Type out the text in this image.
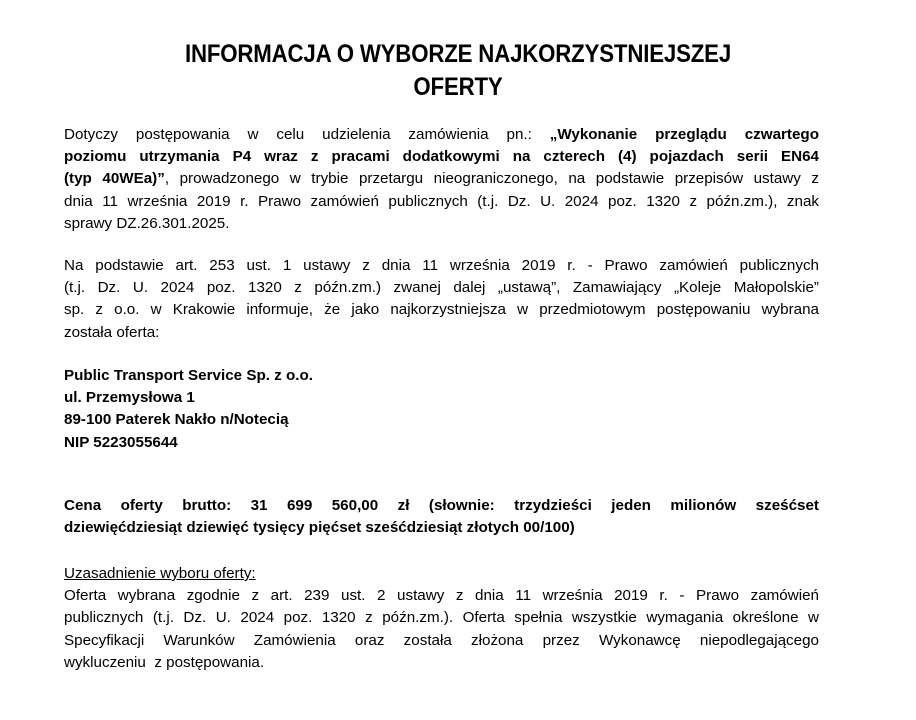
INFORMACJA O WYBORZE NAJKORZYSTNIEJSZEJ
OFERTY
Dotyczy postępowania w celu udzielenia zamówienia pn.: „Wykonanie przeglądu czwartego
poziomu utrzymania P4 wraz z pracami dodatkowymi na czterech (4) pojazdach serii EN64
(typ 40WEa)”, prowadzonego w trybie przetargu nieograniczonego, na podstawie przepisów ustawy z
dnia 11 września 2019 r. Prawo zamówień publicznych (t.j. Dz. U. 2024 poz. 1320 z późn.zm.), znak
sprawy DZ.26.301.2025.
Na podstawie art. 253 ust. 1 ustawy z dnia 11 września 2019 r. - Prawo zamówień publicznych
(t.j. Dz. U. 2024 poz. 1320 z późn.zm.) zwanej dalej „ustawą”, Zamawiający „Koleje Małopolskie”
sp. z o.o. w Krakowie informuje, że jako najkorzystniejsza w przedmiotowym postępowaniu wybrana
została oferta:
Public Transport Service Sp. z o.o.
ul. Przemysłowa 1
89-100 Paterek Nakło n/Notecią
NIP 5223055644
Cena oferty brutto: 31 699 560,00 zł (słownie: trzydzieści jeden milionów sześćset
dziewięćdziesiąt dziewięć tysięcy pięćset sześćdziesiąt złotych 00/100)
Uzasadnienie wyboru oferty:
Oferta wybrana zgodnie z art. 239 ust. 2 ustawy z dnia 11 września 2019 r. - Prawo zamówień
publicznych (t.j. Dz. U. 2024 poz. 1320 z późn.zm.). Oferta spełnia wszystkie wymagania określone w
Specyfikacji Warunków Zamówienia oraz została złożona przez Wykonawcę niepodlegającego
wykluczeniu  z postępowania.
